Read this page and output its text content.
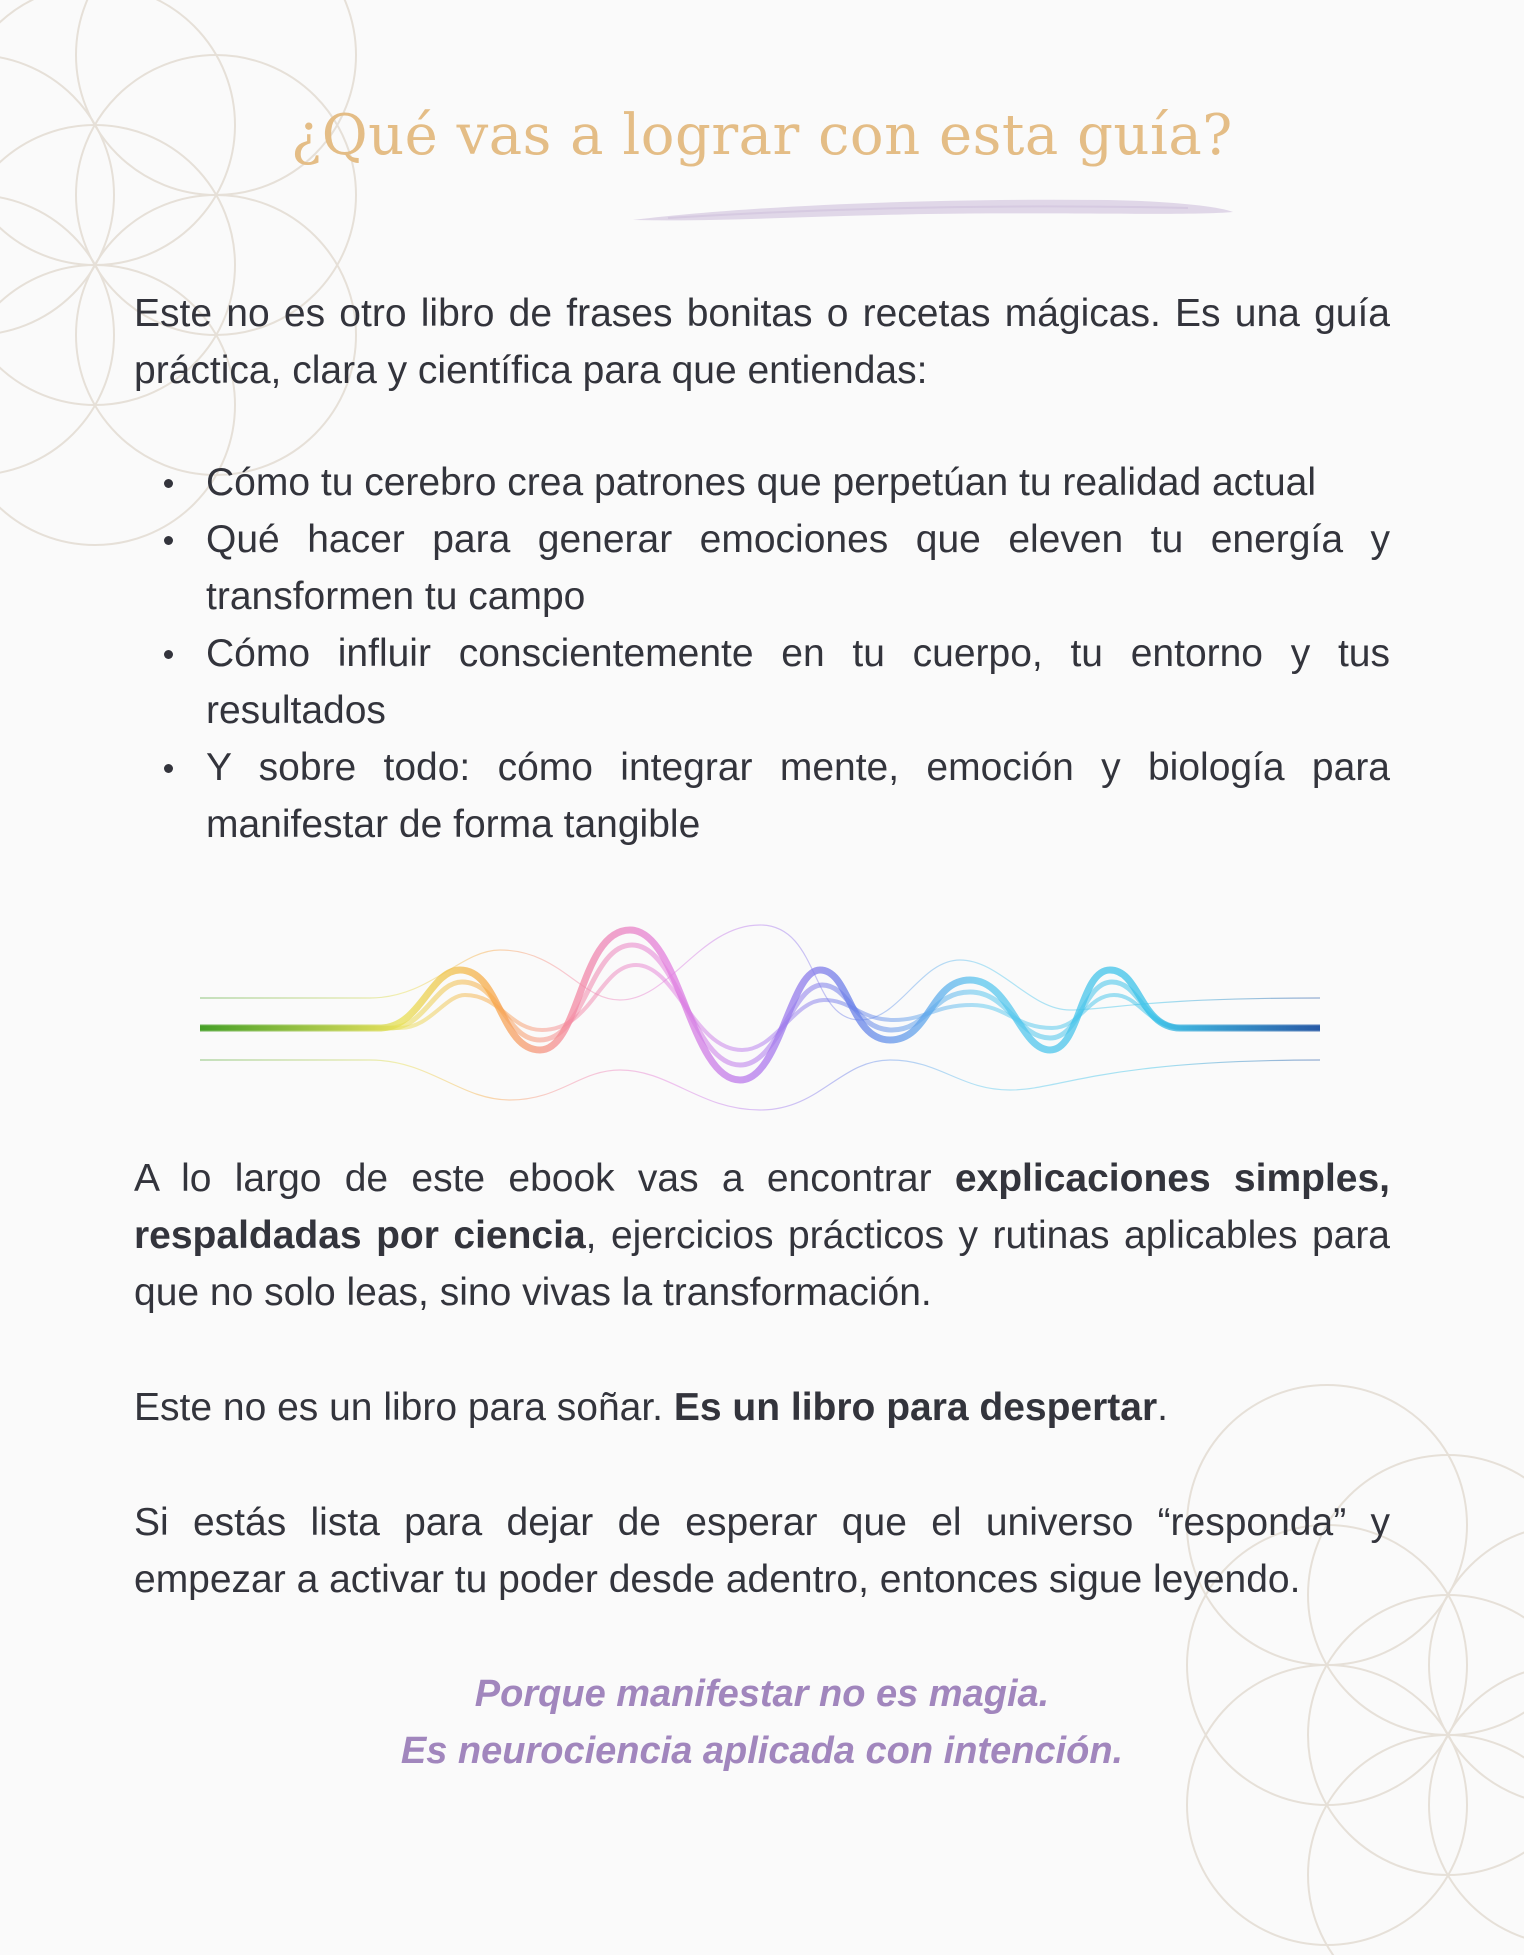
¿Qué vas a lograr con esta guía?

Este no es otro libro de frases bonitas o recetas mágicas. Es una guía práctica, clara y científica para que entiendas:

Cómo tu cerebro crea patrones que perpetúan tu realidad actual
Qué hacer para generar emociones que eleven tu energía y transformen tu campo
Cómo influir conscientemente en tu cuerpo, tu entorno y tus resultados
Y sobre todo: cómo integrar mente, emoción y biología para manifestar de forma tangible

A lo largo de este ebook vas a encontrar explicaciones simples, respaldadas por ciencia, ejercicios prácticos y rutinas aplicables para que no solo leas, sino vivas la transformación.

Este no es un libro para soñar. Es un libro para despertar.

Si estás lista para dejar de esperar que el universo “responda” y empezar a activar tu poder desde adentro, entonces sigue leyendo.

Porque manifestar no es magia.
Es neurociencia aplicada con intención.
